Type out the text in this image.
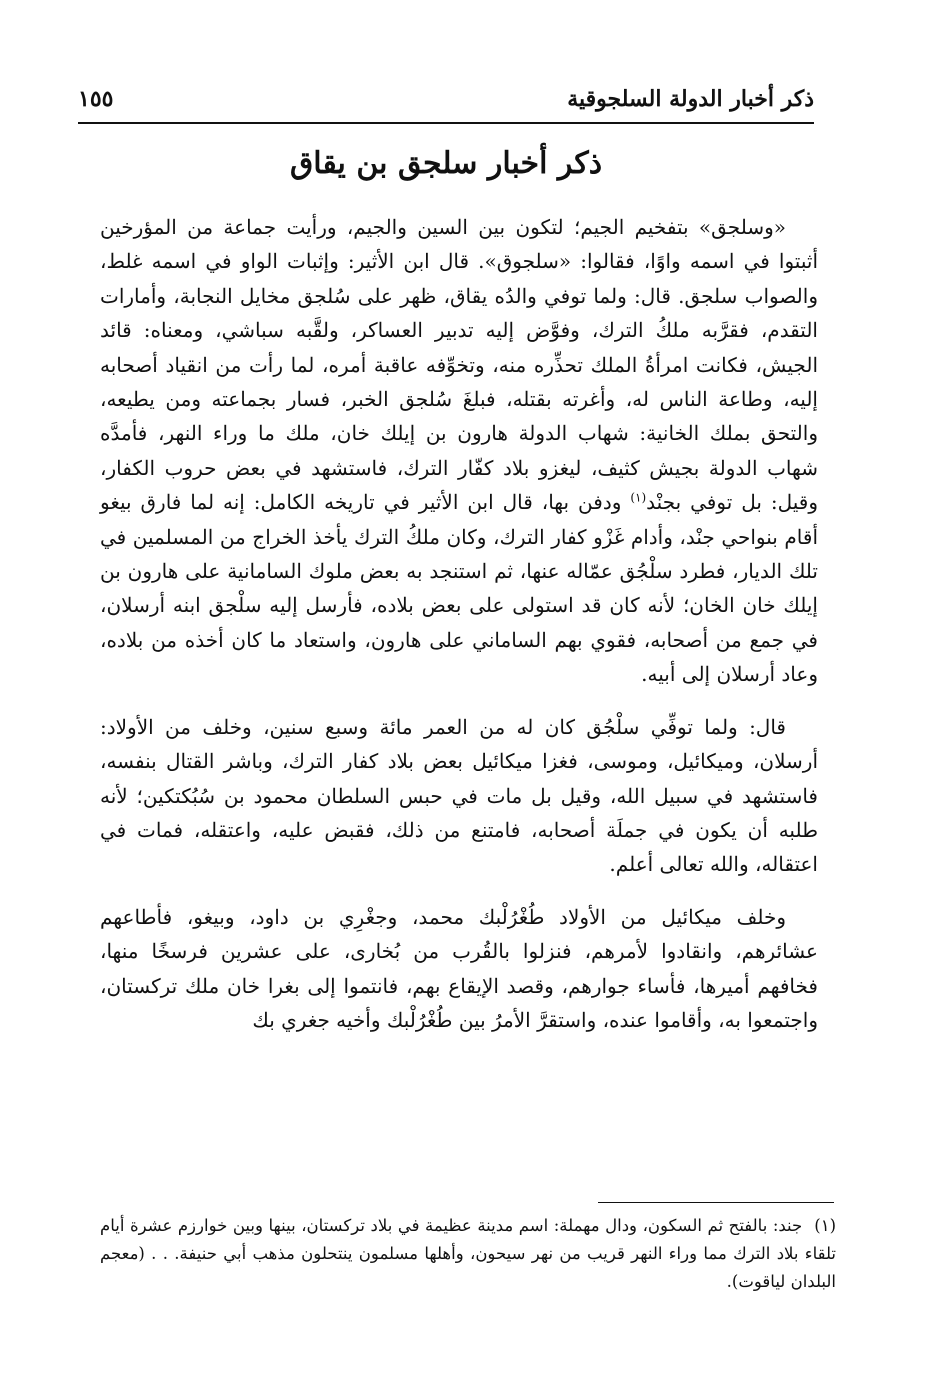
ذكر أخبار الدولة السلجوقية
١٥٥
ذكر أخبار سلجق بن يقاق

«وسلجق» بتفخيم الجيم؛ لتكون بين السين والجيم، ورأيت جماعة من المؤرخين أثبتوا في اسمه واوًا، فقالوا: «سلجوق». قال ابن الأثير: وإثبات الواو في اسمه غلط، والصواب سلجق. قال: ولما توفي والدُه يقاق، ظهر على سُلجق مخايل النجابة، وأمارات التقدم، فقرَّبه ملكُ الترك، وفوَّض إليه تدبير العساكر، ولقَّبه سباشي، ومعناه: قائد الجيش، فكانت امرأةُ الملك تحذِّره منه، وتخوِّفه عاقبة أمره، لما رأت من انقياد أصحابه إليه، وطاعة الناس له، وأغرته بقتله، فبلغَ سُلجق الخبر، فسار بجماعته ومن يطيعه، والتحق بملك الخانية: شهاب الدولة هارون بن إيلك خان، ملك ما وراء النهر، فأمدَّه شهاب الدولة بجيش كثيف، ليغزو بلاد كفّار الترك، فاستشهد في بعض حروب الكفار، وقيل: بل توفي بجنْد$^{(١)}$ ودفن بها، قال ابن الأثير في تاريخه الكامل: إنه لما فارق بيغو أقام بنواحي جنْد، وأدام غَزْو كفار الترك، وكان ملكُ الترك يأخذ الخراج من المسلمين في تلك الديار، فطرد سلْجُق عمّاله عنها، ثم استنجد به بعض ملوك السامانية على هارون بن إيلك خان الخان؛ لأنه كان قد استولى على بعض بلاده، فأرسل إليه سلْجق ابنه أرسلان، في جمع من أصحابه، فقوي بهم الساماني على هارون، واستعاد ما كان أخذه من بلاده، وعاد أرسلان إلى أبيه.

قال: ولما توفِّي سلْجُق كان له من العمر مائة وسبع سنين، وخلف من الأولاد: أرسلان، وميكائيل، وموسى، فغزا ميكائيل بعض بلاد كفار الترك، وباشر القتال بنفسه، فاستشهد في سبيل الله، وقيل بل مات في حبس السلطان محمود بن سُبُكتكين؛ لأنه طلبه أن يكون في جملَة أصحابه، فامتنع من ذلك، فقبض عليه، واعتقله، فمات في اعتقاله، والله تعالى أعلم.

وخلف ميكائيل من الأولاد طُغْرُلْبك محمد، وجغْرِي بن داود، وبيغو، فأطاعهم عشائرهم، وانقادوا لأمرهم، فنزلوا بالقُرب من بُخارى، على عشرين فرسخًا منها، فخافهم أميرها، فأساء جوارهم، وقصد الإيقاع بهم، فانتموا إلى بغرا خان ملك تركستان، واجتمعوا به، وأقاموا عنده، واستقرَّ الأمرُ بين طُغْرُلْبك وأخيه جغري بك

(١)جند: بالفتح ثم السكون، ودال مهملة: اسم مدينة عظيمة في بلاد تركستان، بينها وبين خوارزم عشرة أيام تلقاء بلاد الترك مما وراء النهر قريب من نهر سيحون، وأهلها مسلمون ينتحلون مذهب أبي حنيفة. . . (معجم البلدان لياقوت).
